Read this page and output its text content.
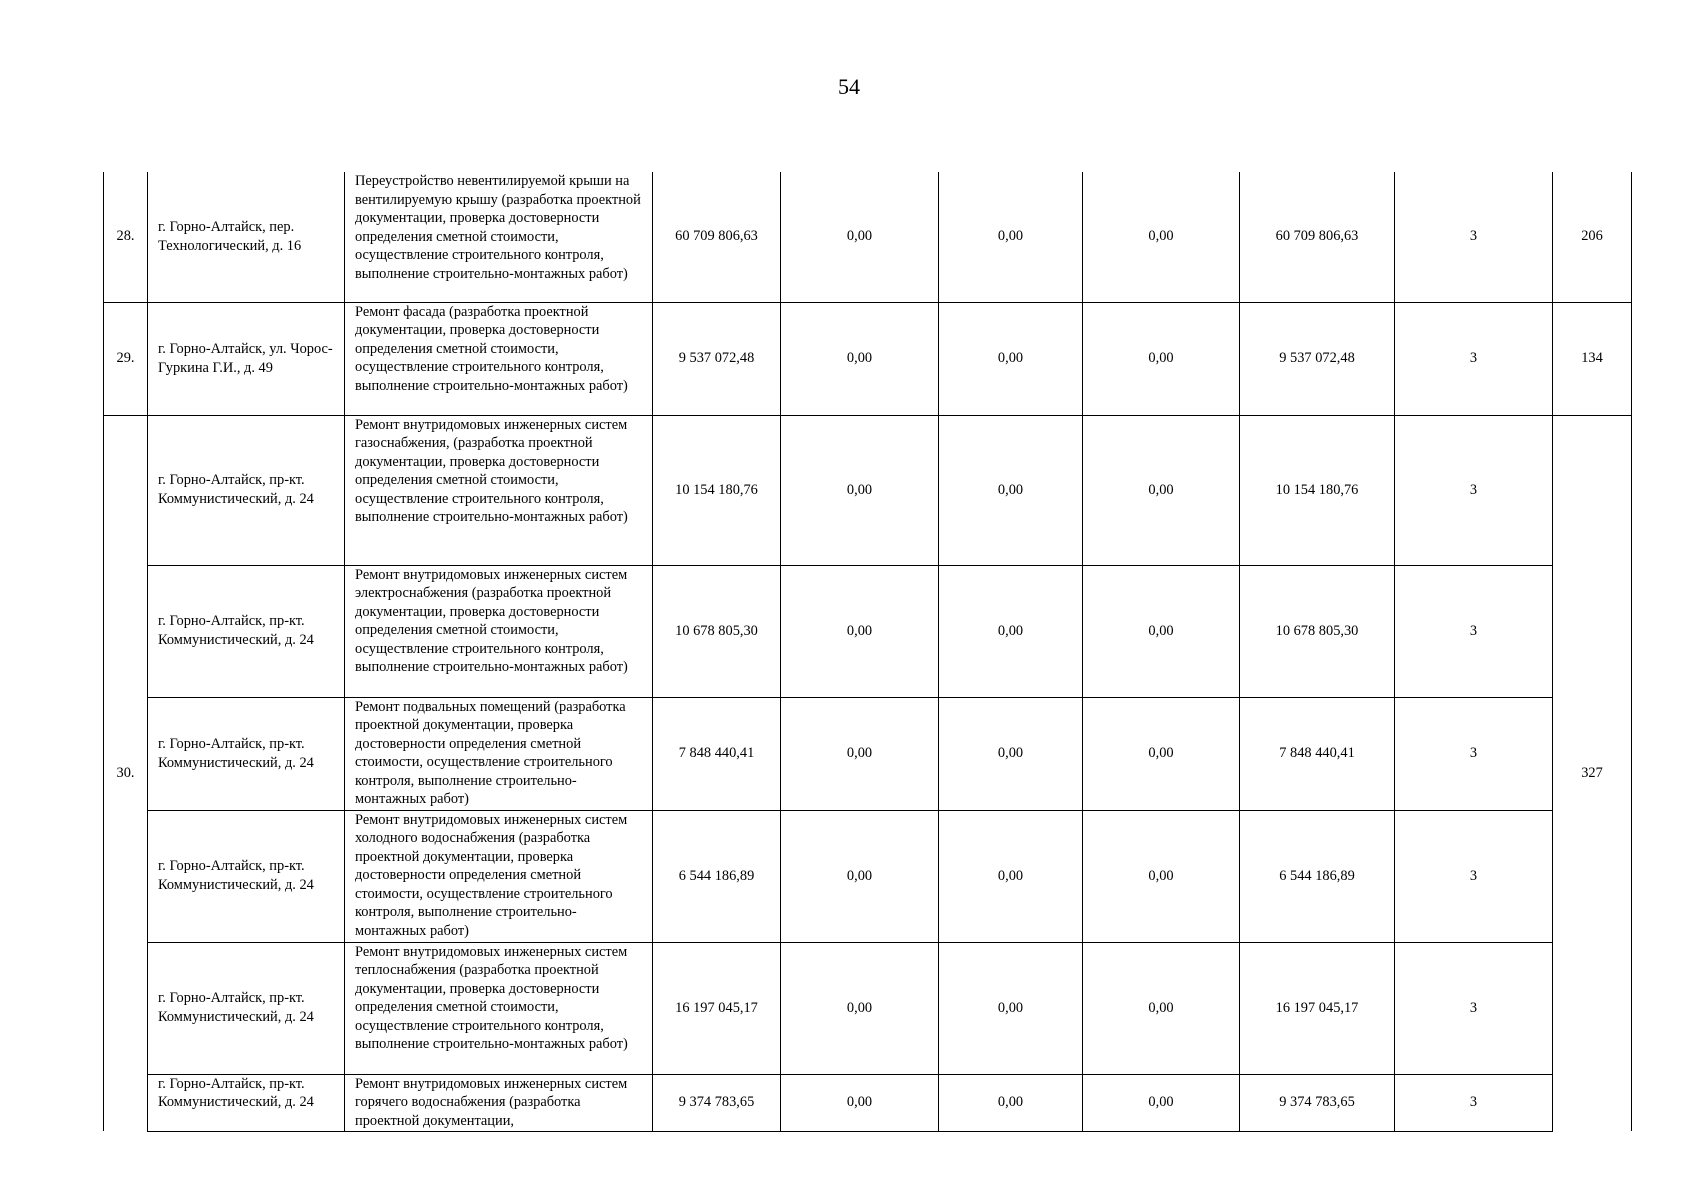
54
28.	г. Горно-Алтайск, пер. Технологический, д. 16	Переустройство невентилируемой крыши на вентилируемую крышу (разработка проектной документации, проверка достоверности определения сметной стоимости, осуществление строительного контроля, выполнение строительно-монтажных работ)	60 709 806,63	0,00	0,00	0,00	60 709 806,63	3	206
29.	г. Горно-Алтайск, ул. Чорос-Гуркина Г.И., д. 49	Ремонт фасада (разработка проектной документации, проверка достоверности определения сметной стоимости, осуществление строительного контроля, выполнение строительно-монтажных работ)	9 537 072,48	0,00	0,00	0,00	9 537 072,48	3	134
30.	г. Горно-Алтайск, пр-кт. Коммунистический, д. 24	Ремонт внутридомовых инженерных систем газоснабжения, (разработка проектной документации, проверка достоверности определения сметной стоимости, осуществление строительного контроля, выполнение строительно-монтажных работ)	10 154 180,76	0,00	0,00	0,00	10 154 180,76	3	327
	г. Горно-Алтайск, пр-кт. Коммунистический, д. 24	Ремонт внутридомовых инженерных систем электроснабжения (разработка проектной документации, проверка достоверности определения сметной стоимости, осуществление строительного контроля, выполнение строительно-монтажных работ)	10 678 805,30	0,00	0,00	0,00	10 678 805,30	3	
	г. Горно-Алтайск, пр-кт. Коммунистический, д. 24	Ремонт подвальных помещений (разработка проектной документации, проверка достоверности определения сметной стоимости, осуществление строительного контроля, выполнение строительно-монтажных работ)	7 848 440,41	0,00	0,00	0,00	7 848 440,41	3	
	г. Горно-Алтайск, пр-кт. Коммунистический, д. 24	Ремонт внутридомовых инженерных систем холодного водоснабжения (разработка проектной документации, проверка достоверности определения сметной стоимости, осуществление строительного контроля, выполнение строительно-монтажных работ)	6 544 186,89	0,00	0,00	0,00	6 544 186,89	3	
	г. Горно-Алтайск, пр-кт. Коммунистический, д. 24	Ремонт внутридомовых инженерных систем теплоснабжения (разработка проектной документации, проверка достоверности определения сметной стоимости, осуществление строительного контроля, выполнение строительно-монтажных работ)	16 197 045,17	0,00	0,00	0,00	16 197 045,17	3	
	г. Горно-Алтайск, пр-кт. Коммунистический, д. 24	Ремонт внутридомовых инженерных систем горячего водоснабжения (разработка проектной документации,	9 374 783,65	0,00	0,00	0,00	9 374 783,65	3	
